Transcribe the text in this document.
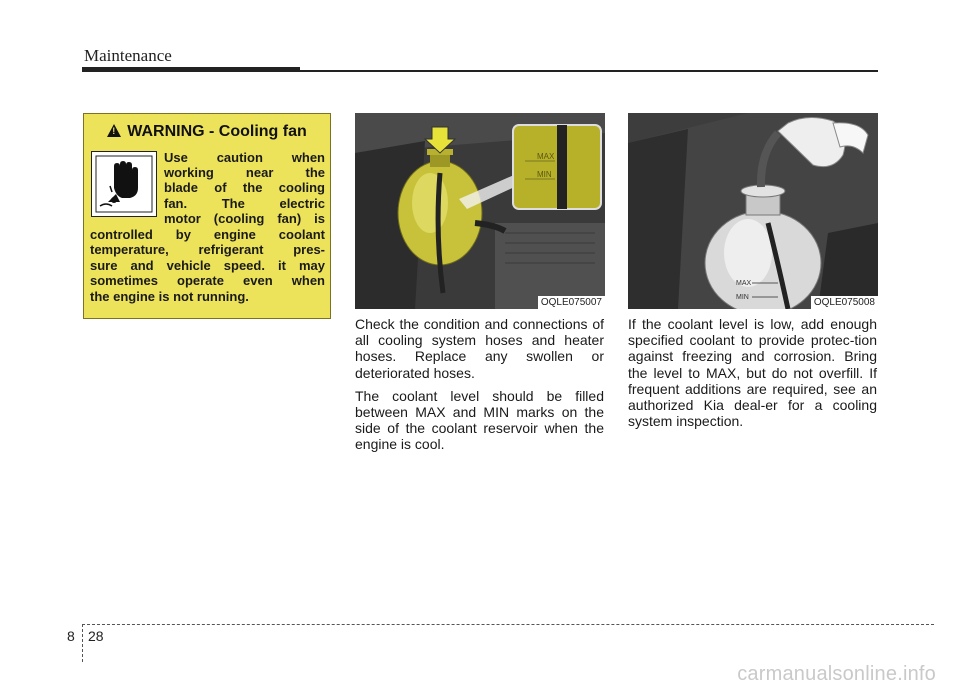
Maintenance
!WARNING - Cooling fan
Use caution when
working near the
blade of the cooling
fan. The electric
motor (cooling fan) is
controlled by engine coolant
temperature, refrigerant pres-
sure and vehicle speed. it may
sometimes operate even when
the engine is not running.
MAX
MIN
OQLE075007
MAX
MIN	OQLE075008

Check the condition and connections of all cooling system hoses and heater hoses. Replace any swollen or deteriorated hoses.

The coolant level should be filled between MAX and MIN marks on the side of the coolant reservoir when the engine is cool.

If the coolant level is low, add enough specified coolant to provide protec-tion against freezing and corrosion. Bring the level to MAX, but do not overfill. If frequent additions are required, see an authorized Kia deal-er for a cooling system inspection.

8 28
carmanualsonline.info
